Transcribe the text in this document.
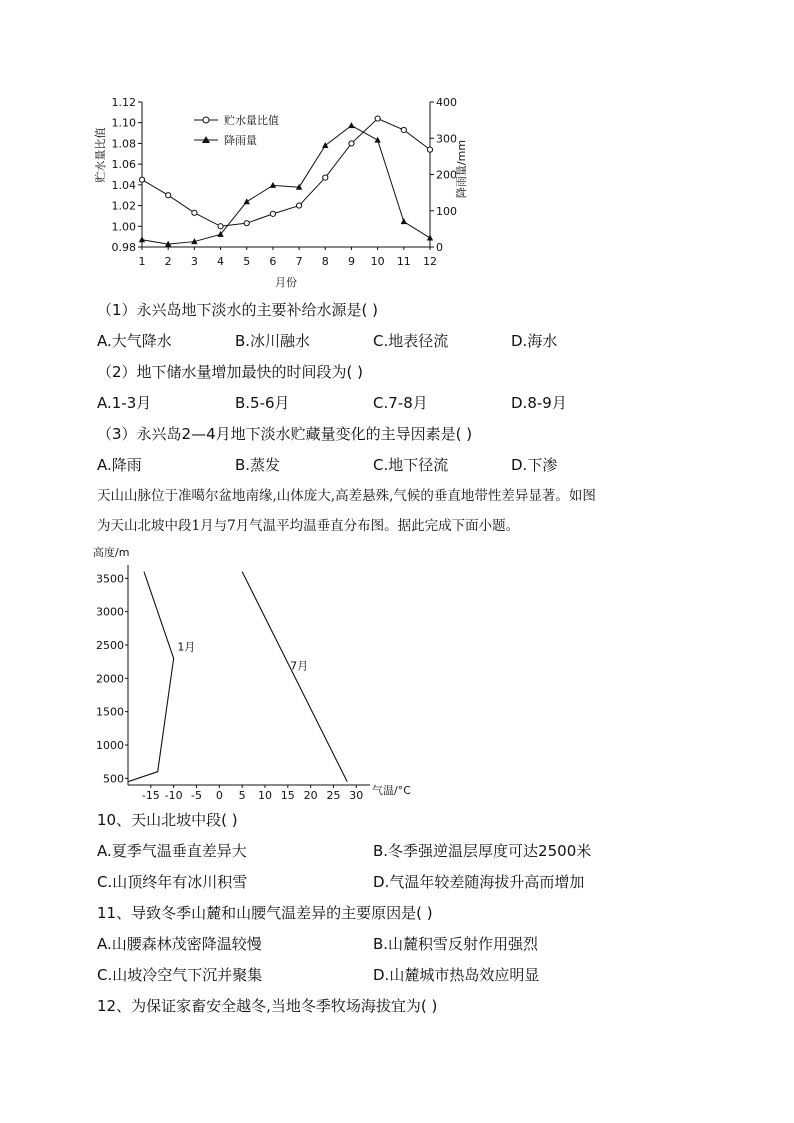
0.98
1.00
1.02
1.04
1.06
1.08
1.10
1.12
0
100
200
300
400
1 2 3 4 5 6 7 8 9 10 11 12
贮水量比值
降雨量
贮水量比值	降雨量/mm
月份
（1）永兴岛地下淡水的主要补给水源是( )
A.大气降水	B.冰川融水	C.地表径流	D.海水
（2）地下储水量增加最快的时间段为( )
A.1-3月	B.5-6月	C.7-8月	D.8-9月
（3）永兴岛2—4月地下淡水贮藏量变化的主导因素是( )
A.降雨	B.蒸发	C.地下径流	D.下渗
天山山脉位于准噶尔盆地南缘,山体庞大,高差悬殊,气候的垂直地带性差异显著。如图
为天山北坡中段1月与7月气温平均温垂直分布图。据此完成下面小题。
500
1000
1500
2000
2500
3000
3500
-15 -10 -5 0 5 10 15 20 25 30
1月
7月
高度/m
气温/°C
10、天山北坡中段( )
A.夏季气温垂直差异大	B.冬季强逆温层厚度可达2500米
C.山顶终年有冰川积雪	D.气温年较差随海拔升高而增加
11、导致冬季山麓和山腰气温差异的主要原因是( )
A.山腰森林茂密降温较慢	B.山麓积雪反射作用强烈
C.山坡冷空气下沉并聚集	D.山麓城市热岛效应明显
12、为保证家畜安全越冬,当地冬季牧场海拔宜为( )
